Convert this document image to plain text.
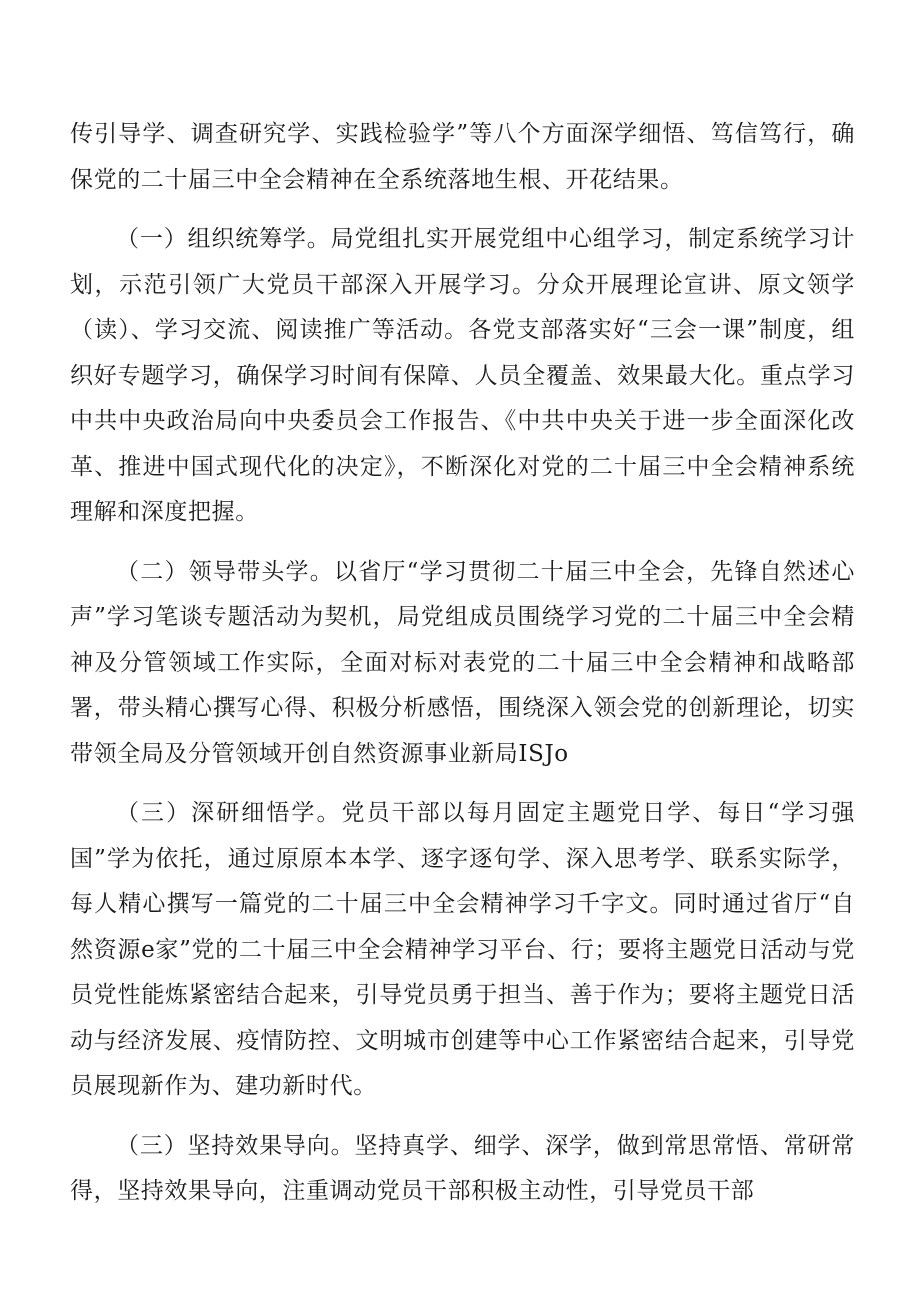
传引导学、调查研究学、实践检验学”等八个方面深学细悟、笃信笃行，确保党的二十届三中全会精神在全系统落地生根、开花结果。

（一）组织统筹学。局党组扎实开展党组中心组学习，制定系统学习计划，示范引领广大党员干部深入开展学习。分众开展理论宣讲、原文领学（读）、学习交流、阅读推广等活动。各党支部落实好“三会一课”制度，组织好专题学习，确保学习时间有保障、人员全覆盖、效果最大化。重点学习中共中央政治局向中央委员会工作报告、《中共中央关于进一步全面深化改革、推进中国式现代化的决定》，不断深化对党的二十届三中全会精神系统理解和深度把握。

（二）领导带头学。以省厅“学习贯彻二十届三中全会，先锋自然述心声”学习笔谈专题活动为契机，局党组成员围绕学习党的二十届三中全会精神及分管领域工作实际，全面对标对表党的二十届三中全会精神和战略部署，带头精心撰写心得、积极分析感悟，围绕深入领会党的创新理论，切实带领全局及分管领域开创自然资源事业新局ISJo

（三）深研细悟学。党员干部以每月固定主题党日学、每日“学习强国”学为依托，通过原原本本学、逐字逐句学、深入思考学、联系实际学，每人精心撰写一篇党的二十届三中全会精神学习千字文。同时通过省厅“自然资源e家”党的二十届三中全会精神学习平台、行；要将主题党日活动与党员党性能炼紧密结合起来，引导党员勇于担当、善于作为；要将主题党日活动与经济发展、疫情防控、文明城市创建等中心工作紧密结合起来，引导党员展现新作为、建功新时代。

（三）坚持效果导向。坚持真学、细学、深学，做到常思常悟、常研常得，坚持效果导向，注重调动党员干部积极主动性，引导党员干部
